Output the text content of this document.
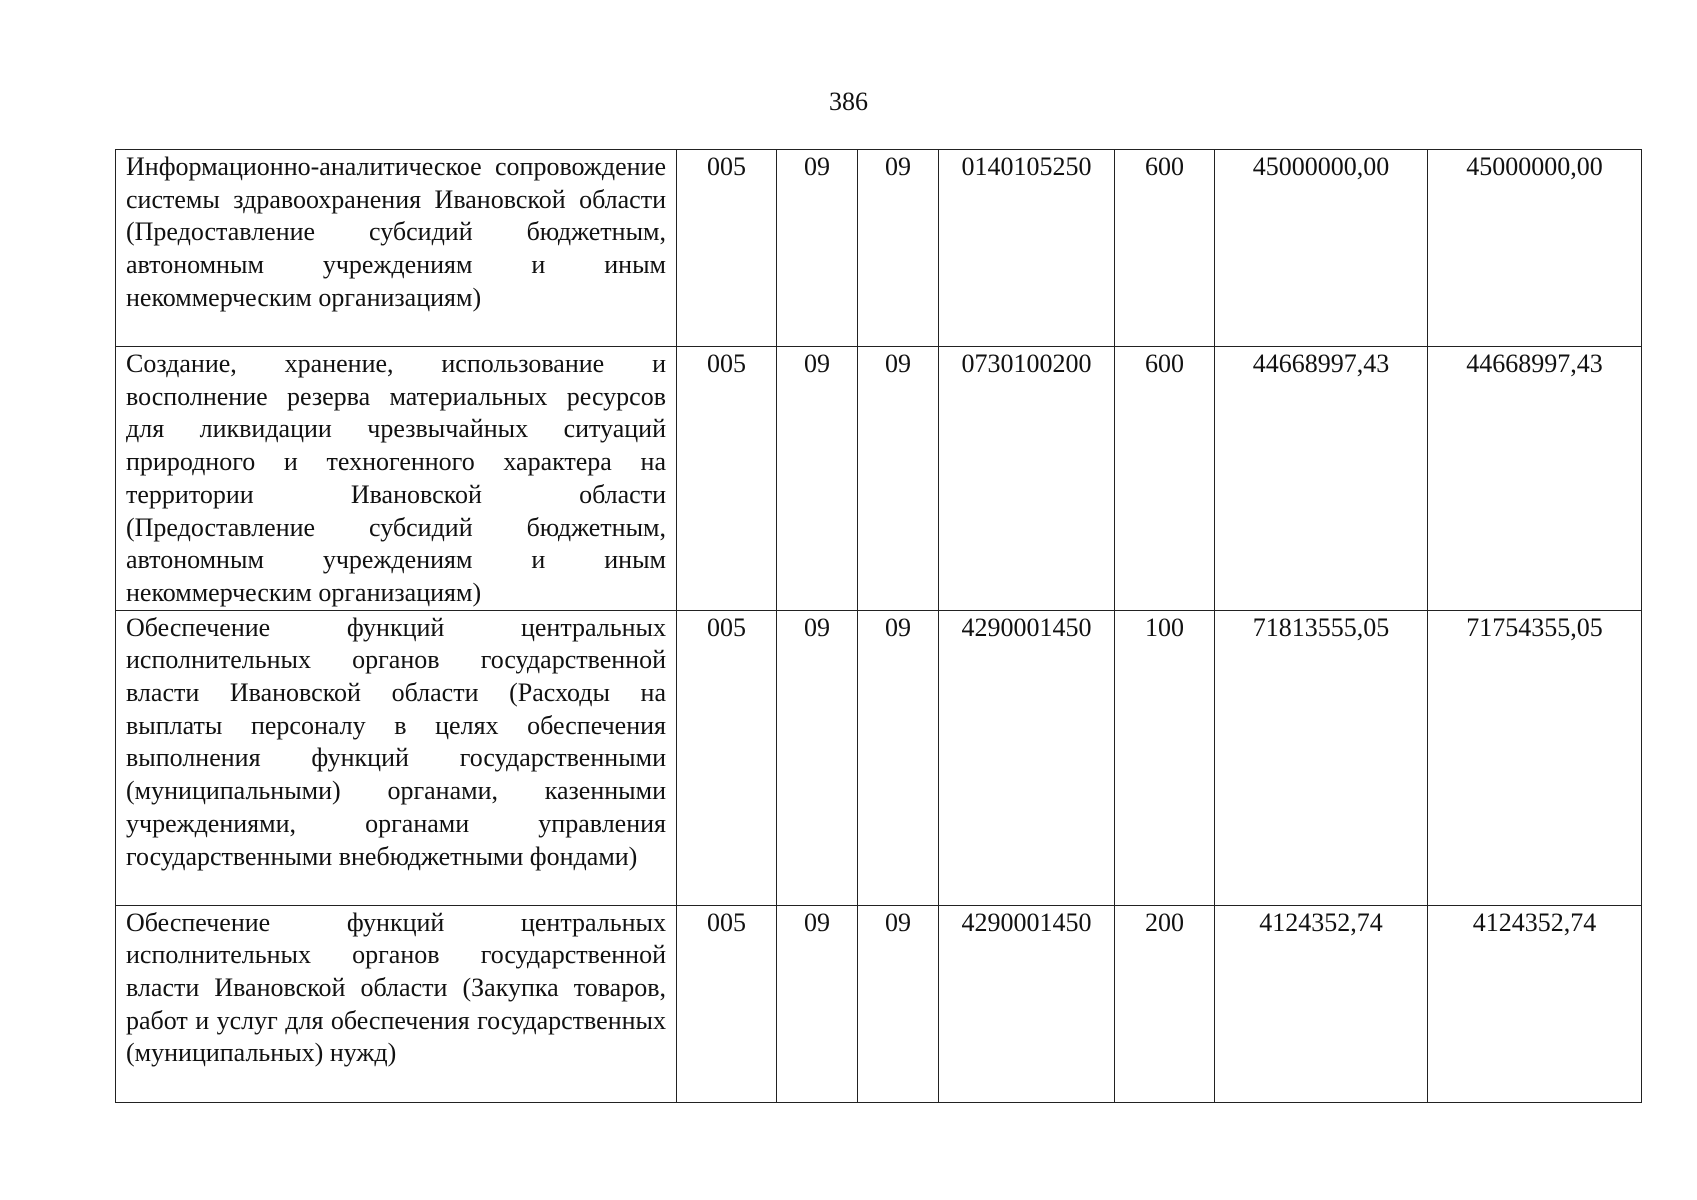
386
Информационно-аналитическое сопровождение системы здравоохранения Ивановской области (Предоставление субсидий бюджетным, автономным учреждениям и иным некоммерческим организациям)	005	09	09	0140105250	600	45000000,00	45000000,00
Создание, хранение, использование и восполнение резерва материальных ресурсов для ликвидации чрезвычайных ситуаций природного и техногенного характера на территории Ивановской области (Предоставление субсидий бюджетным, автономным учреждениям и иным некоммерческим организациям)	005	09	09	0730100200	600	44668997,43	44668997,43
Обеспечение функций центральных исполнительных органов государственной власти Ивановской области (Расходы на выплаты персоналу в целях обеспечения выполнения функций государственными (муниципальными) органами, казенными учреждениями, органами управления государственными внебюджетными фондами)	005	09	09	4290001450	100	71813555,05	71754355,05
Обеспечение функций центральных исполнительных органов государственной власти Ивановской области (Закупка товаров, работ и услуг для обеспечения государственных (муниципальных) нужд)	005	09	09	4290001450	200	4124352,74	4124352,74
